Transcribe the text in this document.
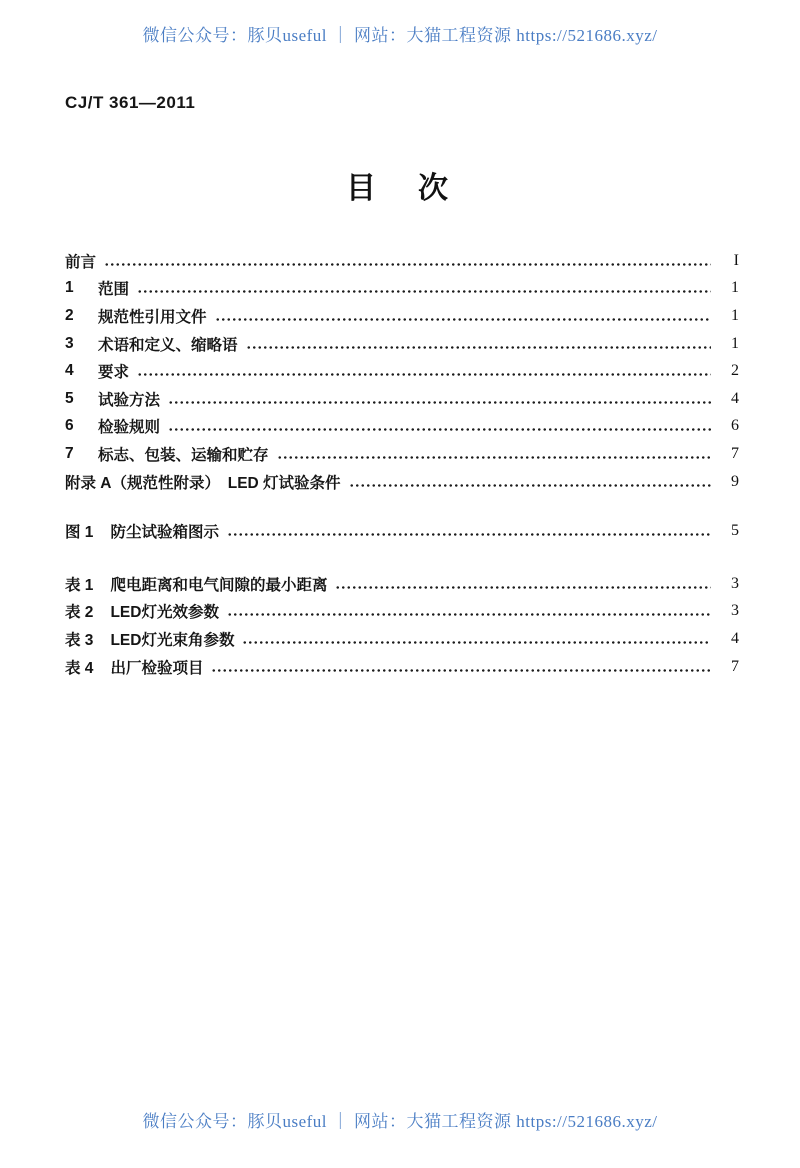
微信公众号：豚贝useful ｜ 网站：大猫工程资源 https://521686.xyz/
CJ/T 361—2011
目　次
前言	I
1	范围	1
2	规范性引用文件	1
3	术语和定义、缩略语	1
4	要求	2
5	试验方法	4
6	检验规则	6
7	标志、包装、运输和贮存	7
附录 A（规范性附录）　LED 灯试验条件	9
图 1 防尘试验箱图示	5
表 1 爬电距离和电气间隙的最小距离	3
表 2 LED灯光效参数	3
表 3 LED灯光束角参数	4
表 4 出厂检验项目	7
微信公众号：豚贝useful ｜ 网站：大猫工程资源 https://521686.xyz/
